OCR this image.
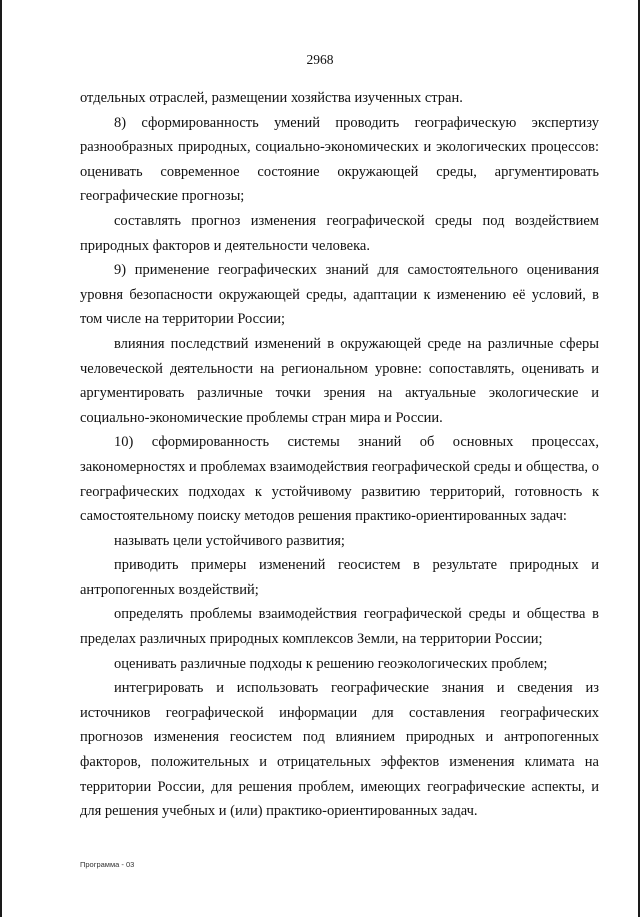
2968

отдельных отраслей, размещении хозяйства изученных стран.

8) сформированность умений проводить географическую экспертизу разнообразных природных, социально-экономических и экологических процессов: оценивать современное состояние окружающей среды, аргументировать географические прогнозы;

составлять прогноз изменения географической среды под воздействием природных факторов и деятельности человека.

9) применение географических знаний для самостоятельного оценивания уровня безопасности окружающей среды, адаптации к изменению её условий, в том числе на территории России;

влияния последствий изменений в окружающей среде на различные сферы человеческой деятельности на региональном уровне: сопоставлять, оценивать и аргументировать различные точки зрения на актуальные экологические и социально-экономические проблемы стран мира и России.

10) сформированность системы знаний об основных процессах, закономерностях и проблемах взаимодействия географической среды и общества, о географических подходах к устойчивому развитию территорий, готовность к самостоятельному поиску методов решения практико-ориентированных задач:

называть цели устойчивого развития;

приводить примеры изменений геосистем в результате природных и антропогенных воздействий;

определять проблемы взаимодействия географической среды и общества в пределах различных природных комплексов Земли, на территории России;

оценивать различные подходы к решению геоэкологических проблем;

интегрировать и использовать географические знания и сведения из источников географической информации для составления географических прогнозов изменения геосистем под влиянием природных и антропогенных факторов, положительных и отрицательных эффектов изменения климата на территории России, для решения проблем, имеющих географические аспекты, и для решения учебных и (или) практико-ориентированных задач.

Программа - 03
